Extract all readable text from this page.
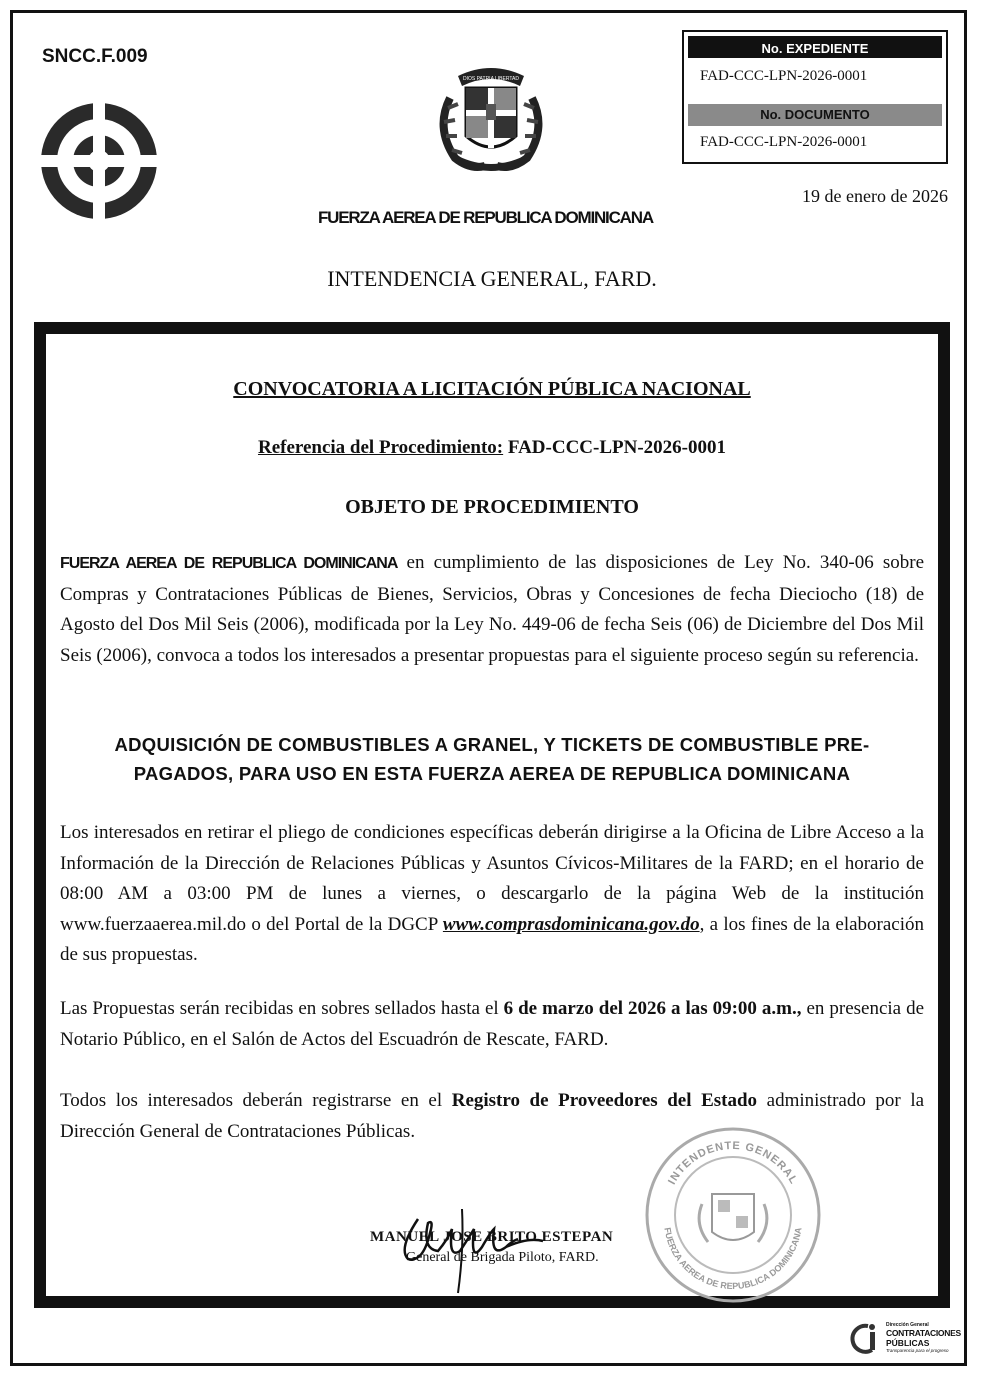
SNCC.F.009
DIOS PATRIA LIBERTAD
FUERZA AEREA DE REPUBLICA DOMINICANA
No. EXPEDIENTE
FAD-CCC-LPN-2026-0001
No. DOCUMENTO
FAD-CCC-LPN-2026-0001
19 de enero de 2026
INTENDENCIA GENERAL, FARD.
CONVOCATORIA A LICITACIÓN PÚBLICA NACIONAL
Referencia del Procedimiento: FAD-CCC-LPN-2026-0001
OBJETO DE PROCEDIMIENTO
FUERZA AEREA DE REPUBLICA DOMINICANA en cumplimiento de las disposiciones de Ley No. 340-06 sobre Compras y Contrataciones Públicas de Bienes, Servicios, Obras y Concesiones de fecha Dieciocho (18) de Agosto del Dos Mil Seis (2006), modificada por la Ley No. 449-06 de fecha Seis (06) de Diciembre del Dos Mil Seis (2006), convoca a todos los interesados a presentar propuestas para el siguiente proceso según su referencia.
ADQUISICIÓN DE COMBUSTIBLES A GRANEL, Y TICKETS DE COMBUSTIBLE PRE-
PAGADOS, PARA USO EN ESTA FUERZA AEREA DE REPUBLICA DOMINICANA
Los interesados en retirar el pliego de condiciones específicas deberán dirigirse a la Oficina de Libre Acceso a la Información de la Dirección de Relaciones Públicas y Asuntos Cívicos-Militares de la FARD; en el horario de 08:00 AM a 03:00 PM de lunes a viernes, o descargarlo de la página Web de la institución www.fuerzaaerea.mil.do o del Portal de la DGCP www.comprasdominicana.gov.do, a los fines de la elaboración de sus propuestas.
Las Propuestas serán recibidas en sobres sellados hasta el 6 de marzo del 2026 a las 09:00 a.m., en presencia de Notario Público, en el Salón de Actos del Escuadrón de Rescate, FARD.
Todos los interesados deberán registrarse en el Registro de Proveedores del Estado administrado por la Dirección General de Contrataciones Públicas.
INTENDENTE GENERAL
FUERZA AEREA DE REPUBLICA DOMINICANA
MANUEL JOSE BRITO ESTEPAN
General de Brigada Piloto, FARD.
Dirección General
CONTRATACIONES
PÚBLICAS
Transparencia para el progreso
